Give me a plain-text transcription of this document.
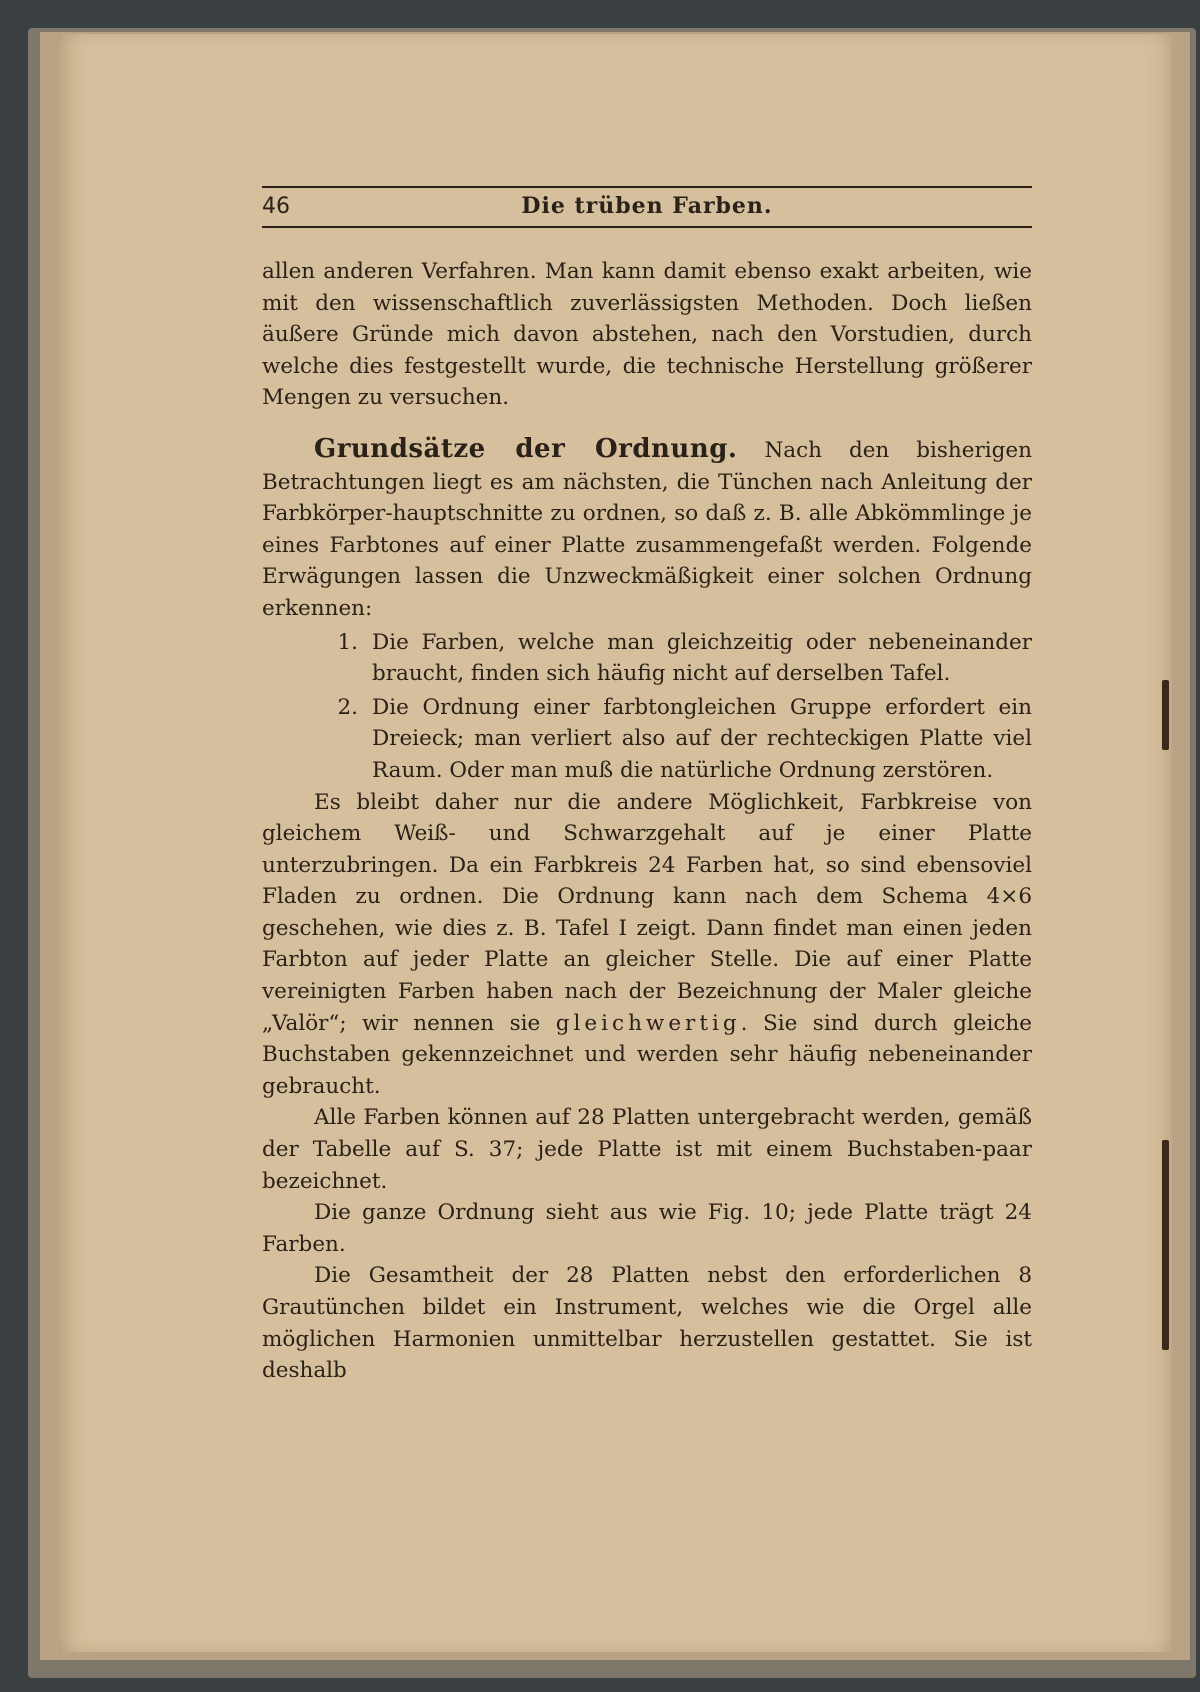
46	Die trüben Farben.

allen anderen Verfahren. Man kann damit ebenso exakt arbeiten, wie mit den wissenschaftlich zuverlässigsten Methoden. Doch ließen äußere Gründe mich davon abstehen, nach den Vorstudien, durch welche dies festgestellt wurde, die technische Herstellung größerer Mengen zu versuchen.

Grundsätze der Ordnung. Nach den bisherigen Betrachtungen liegt es am nächsten, die Tünchen nach Anleitung der Farbkörper-hauptschnitte zu ordnen, so daß z. B. alle Abkömmlinge je eines Farbtones auf einer Platte zusammengefaßt werden. Folgende Erwägungen lassen die Unzweckmäßigkeit einer solchen Ordnung erkennen:

1. Die Farben, welche man gleichzeitig oder nebeneinander braucht, finden sich häufig nicht auf derselben Tafel.
2. Die Ordnung einer farbtongleichen Gruppe erfordert ein Dreieck; man verliert also auf der rechteckigen Platte viel Raum. Oder man muß die natürliche Ordnung zerstören.

Es bleibt daher nur die andere Möglichkeit, Farbkreise von gleichem Weiß- und Schwarzgehalt auf je einer Platte unterzubringen. Da ein Farbkreis 24 Farben hat, so sind ebensoviel Fladen zu ordnen. Die Ordnung kann nach dem Schema 4×6 geschehen, wie dies z. B. Tafel I zeigt. Dann findet man einen jeden Farbton auf jeder Platte an gleicher Stelle. Die auf einer Platte vereinigten Farben haben nach der Bezeichnung der Maler gleiche „Valör“; wir nennen sie gleichwertig. Sie sind durch gleiche Buchstaben gekennzeichnet und werden sehr häufig nebeneinander gebraucht.

Alle Farben können auf 28 Platten untergebracht werden, gemäß der Tabelle auf S. 37; jede Platte ist mit einem Buchstaben-paar bezeichnet.

Die ganze Ordnung sieht aus wie Fig. 10; jede Platte trägt 24 Farben.

Die Gesamtheit der 28 Platten nebst den erforderlichen 8 Grautünchen bildet ein Instrument, welches wie die Orgel alle möglichen Harmonien unmittelbar herzustellen gestattet. Sie ist deshalb
